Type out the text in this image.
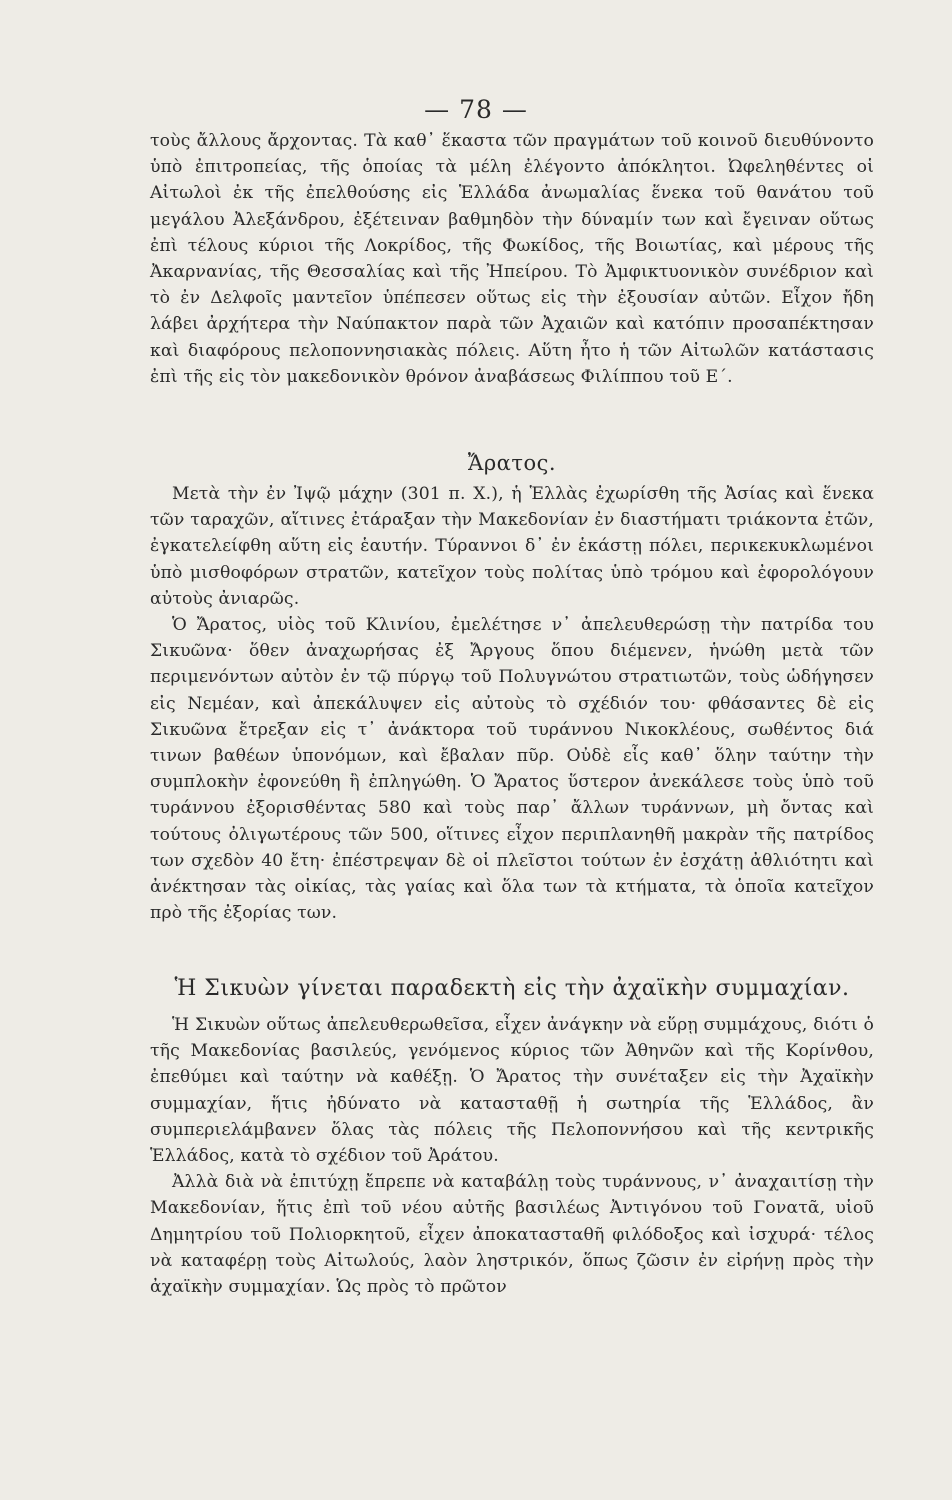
— 78 —

τοὺς ἄλλους ἄρχοντας. Τὰ καθ᾽ ἕκαστα τῶν πραγμάτων τοῦ κοινοῦ διευθύνοντο ὑπὸ ἐπιτροπείας, τῆς ὁποίας τὰ μέλη ἐλέγοντο ἀπόκλητοι. Ὠφεληθέντες οἱ Αἰτωλοὶ ἐκ τῆς ἐπελθούσης εἰς Ἑλλάδα ἀνωμαλίας ἕνεκα τοῦ θανάτου τοῦ μεγάλου Ἀλεξάνδρου, ἐξέτειναν βαθμηδὸν τὴν δύναμίν των καὶ ἔγειναν οὕτως ἐπὶ τέλους κύριοι τῆς Λοκρίδος, τῆς Φωκίδος, τῆς Βοιωτίας, καὶ μέρους τῆς Ἀκαρνανίας, τῆς Θεσσαλίας καὶ τῆς Ἠπείρου. Τὸ Ἀμφικτυονικὸν συνέδριον καὶ τὸ ἐν Δελφοῖς μαντεῖον ὑπέπεσεν οὕτως εἰς τὴν ἐξουσίαν αὐτῶν. Εἶχον ἤδη λάβει ἀρχήτερα τὴν Ναύπακτον παρὰ τῶν Ἀχαιῶν καὶ κατόπιν προσαπέκτησαν καὶ διαφόρους πελοποννησιακὰς πόλεις. Αὕτη ἦτο ἡ τῶν Αἰτωλῶν κατάστασις ἐπὶ τῆς εἰς τὸν μακεδονικὸν θρόνον ἀναβάσεως Φιλίππου τοῦ Ε΄.

Ἄρατος.

Μετὰ τὴν ἐν Ἰψῷ μάχην (301 π. Χ.), ἡ Ἑλλὰς ἐχωρίσθη τῆς Ἀσίας καὶ ἕνεκα τῶν ταραχῶν, αἵτινες ἐτάραξαν τὴν Μακεδονίαν ἐν διαστήματι τριάκοντα ἐτῶν, ἐγκατελείφθη αὕτη εἰς ἑαυτήν. Τύραννοι δ᾽ ἐν ἑκάστῃ πόλει, περικεκυκλωμένοι ὑπὸ μισθοφόρων στρατῶν, κατεῖχον τοὺς πολίτας ὑπὸ τρόμου καὶ ἐφορολόγουν αὐτοὺς ἀνιαρῶς.

Ὁ Ἄρατος, υἱὸς τοῦ Κλινίου, ἐμελέτησε ν᾽ ἀπελευθερώσῃ τὴν πατρίδα του Σικυῶνα· ὅθεν ἀναχωρήσας ἐξ Ἄργους ὅπου διέμενεν, ἡνώθη μετὰ τῶν περιμενόντων αὐτὸν ἐν τῷ πύργῳ τοῦ Πολυγνώτου στρατιωτῶν, τοὺς ὡδήγησεν εἰς Νεμέαν, καὶ ἀπεκάλυψεν εἰς αὐτοὺς τὸ σχέδιόν του· φθάσαντες δὲ εἰς Σικυῶνα ἔτρεξαν εἰς τ᾽ ἀνάκτορα τοῦ τυράννου Νικοκλέους, σωθέντος διά τινων βαθέων ὑπονόμων, καὶ ἔβαλαν πῦρ. Οὐδὲ εἷς καθ᾽ ὅλην ταύτην τὴν συμπλοκὴν ἐφονεύθη ἢ ἐπληγώθη. Ὁ Ἄρατος ὕστερον ἀνεκάλεσε τοὺς ὑπὸ τοῦ τυράννου ἐξορισθέντας 580 καὶ τοὺς παρ᾽ ἄλλων τυράννων, μὴ ὄντας καὶ τούτους ὀλιγωτέρους τῶν 500, οἵτινες εἶχον περιπλανηθῆ μακρὰν τῆς πατρίδος των σχεδὸν 40 ἔτη· ἐπέστρεψαν δὲ οἱ πλεῖστοι τούτων ἐν ἐσχάτῃ ἀθλιότητι καὶ ἀνέκτησαν τὰς οἰκίας, τὰς γαίας καὶ ὅλα των τὰ κτήματα, τὰ ὁποῖα κατεῖχον πρὸ τῆς ἐξορίας των.

Ἡ Σικυὼν γίνεται παραδεκτὴ εἰς τὴν ἀχαϊκὴν συμμαχίαν.

Ἡ Σικυὼν οὕτως ἀπελευθερωθεῖσα, εἶχεν ἀνάγκην νὰ εὕρῃ συμμάχους, διότι ὁ τῆς Μακεδονίας βασιλεύς, γενόμενος κύριος τῶν Ἀθηνῶν καὶ τῆς Κορίνθου, ἐπεθύμει καὶ ταύτην νὰ καθέξῃ. Ὁ Ἄρατος τὴν συνέταξεν εἰς τὴν Ἀχαϊκὴν συμμαχίαν, ἥτις ἠδύνατο νὰ κατασταθῇ ἡ σωτηρία τῆς Ἑλλάδος, ἂν συμπεριελάμβανεν ὅλας τὰς πόλεις τῆς Πελοποννήσου καὶ τῆς κεντρικῆς Ἑλλάδος, κατὰ τὸ σχέδιον τοῦ Ἀράτου.

Ἀλλὰ διὰ νὰ ἐπιτύχῃ ἔπρεπε νὰ καταβάλῃ τοὺς τυράννους, ν᾽ ἀναχαιτίσῃ τὴν Μακεδονίαν, ἥτις ἐπὶ τοῦ νέου αὐτῆς βασιλέως Ἀντιγόνου τοῦ Γονατᾶ, υἱοῦ Δημητρίου τοῦ Πολιορκητοῦ, εἶχεν ἀποκατασταθῆ φιλόδοξος καὶ ἰσχυρά· τέλος νὰ καταφέρῃ τοὺς Αἰτωλούς, λαὸν ληστρικόν, ὅπως ζῶσιν ἐν εἰρήνῃ πρὸς τὴν ἀχαϊκὴν συμμαχίαν. Ὡς πρὸς τὸ πρῶτον
